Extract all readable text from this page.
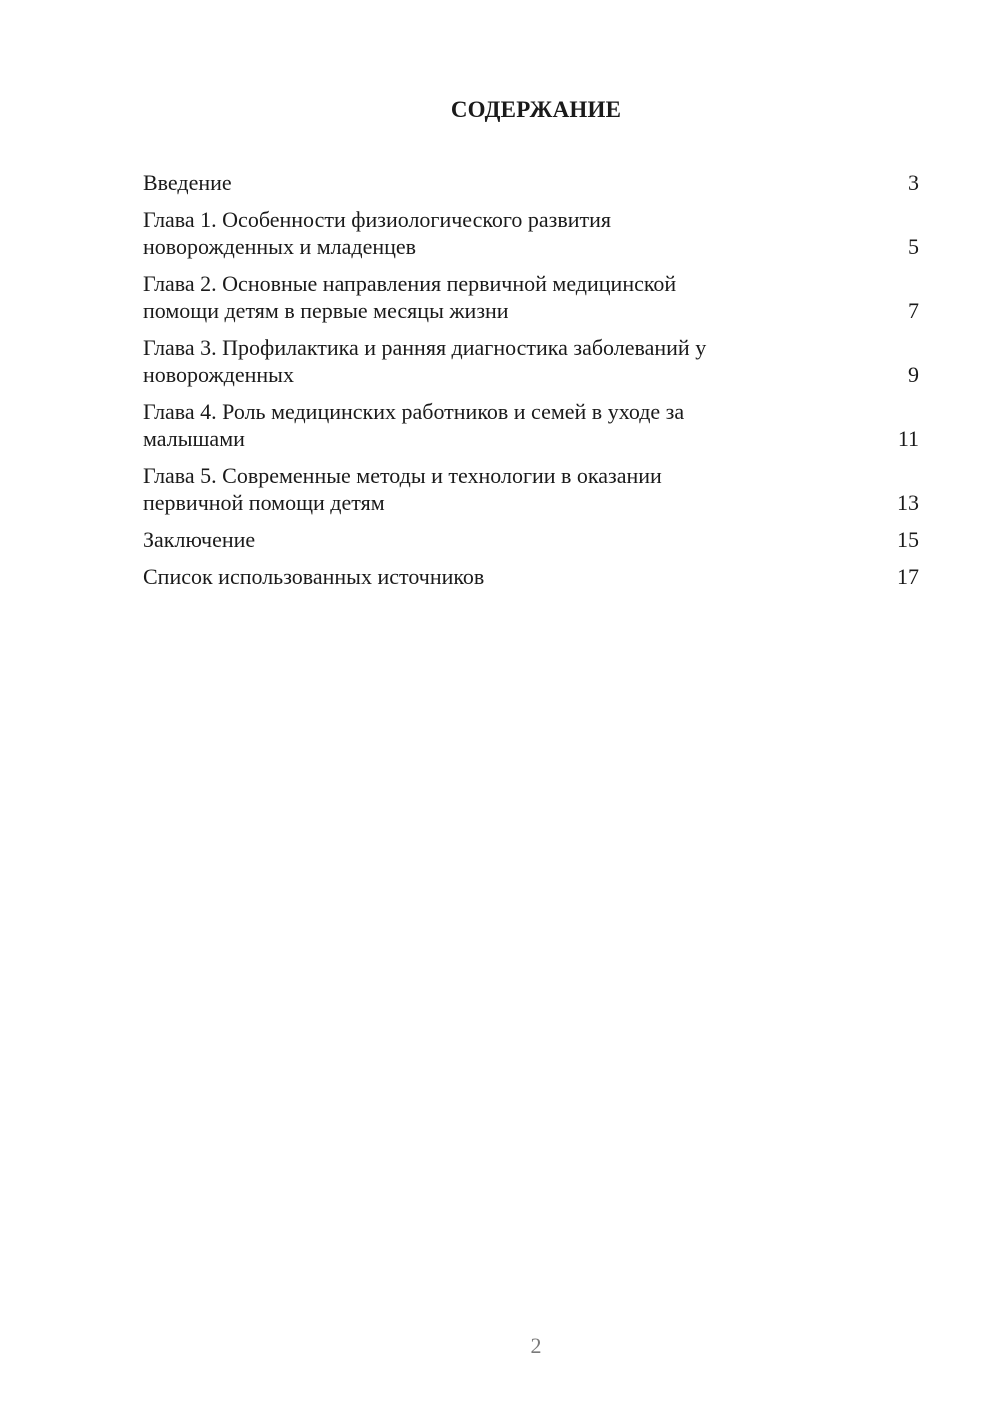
СОДЕРЖАНИЕ
Введение	3
Глава 1. Особенности физиологического развития
новорожденных и младенцев	5
Глава 2. Основные направления первичной медицинской
помощи детям в первые месяцы жизни	7
Глава 3. Профилактика и ранняя диагностика заболеваний у
новорожденных	9
Глава 4. Роль медицинских работников и семей в уходе за
малышами	11
Глава 5. Современные методы и технологии в оказании
первичной помощи детям	13
Заключение	15
Список использованных источников	17
2
